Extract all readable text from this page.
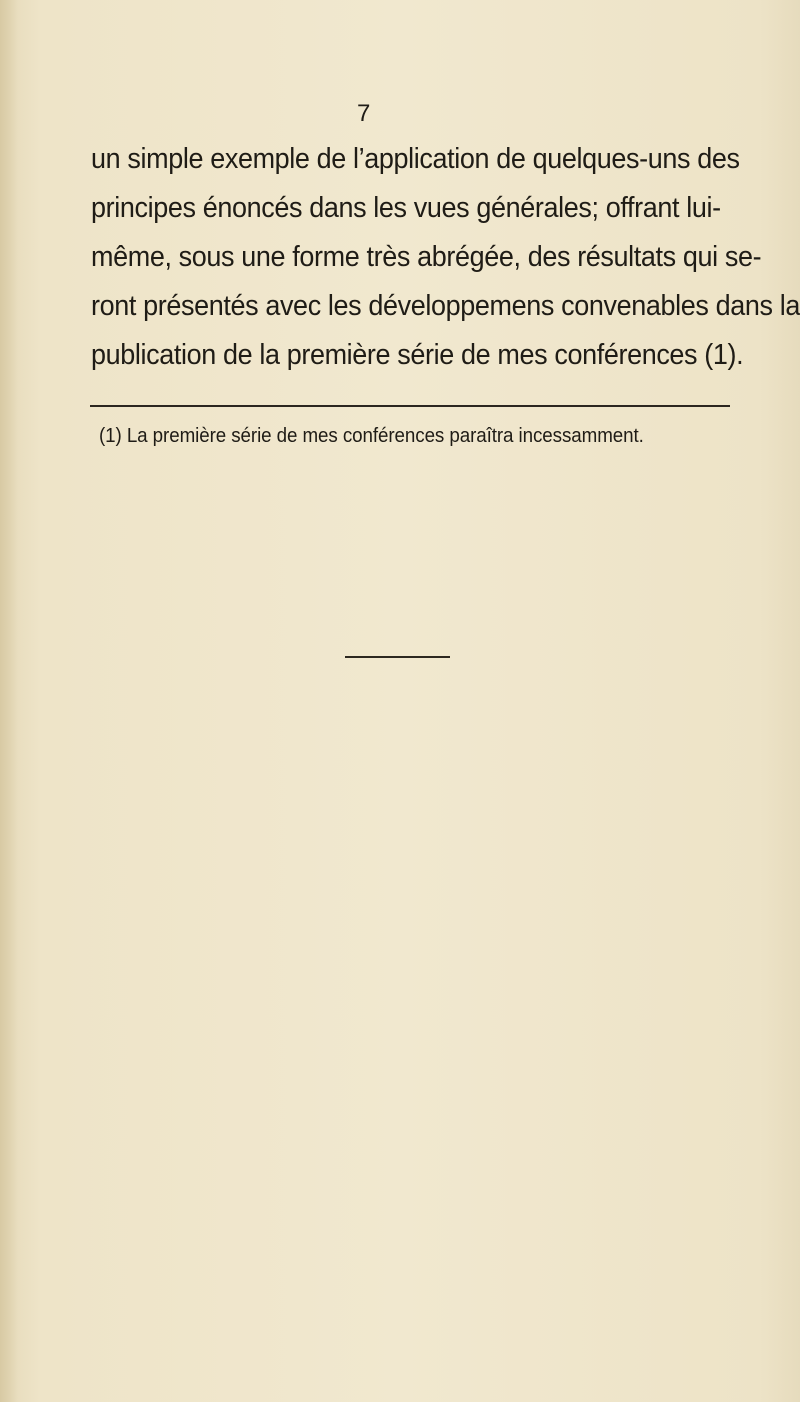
7

un simple exemple de l’application de quelques-uns des
principes énoncés dans les vues générales; offrant lui-
même, sous une forme très abrégée, des résultats qui se-
ront présentés avec les développemens convenables dans la
publication de la première série de mes conférences (1).

(1) La première série de mes conférences paraîtra incessamment.
